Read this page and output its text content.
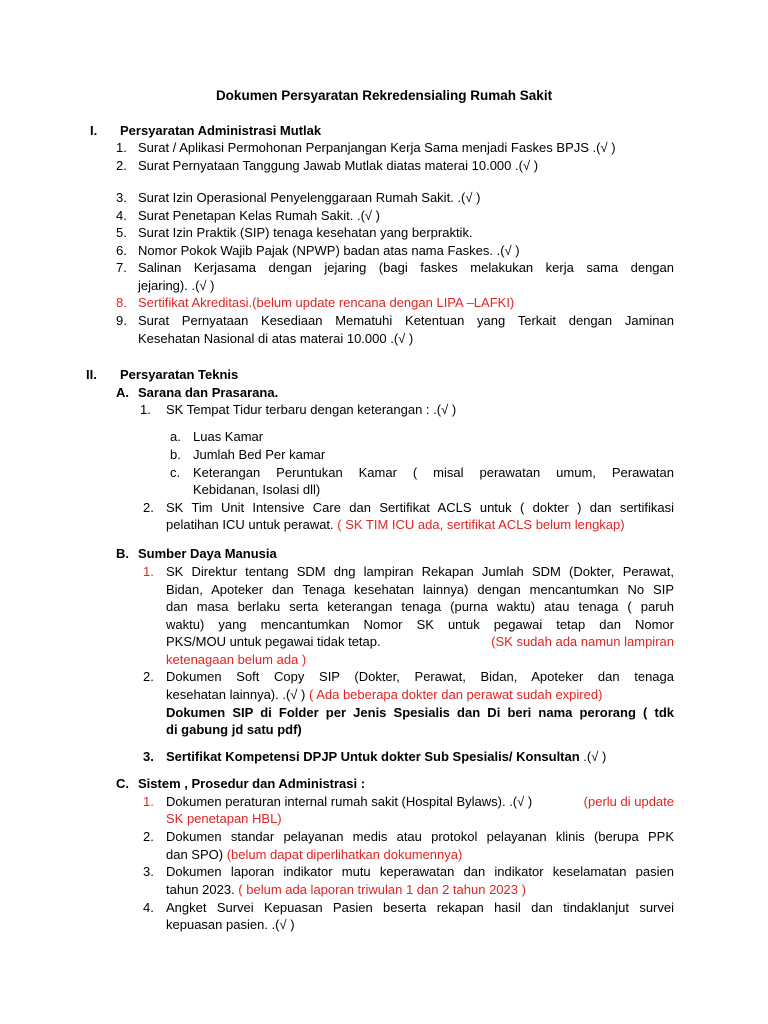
Dokumen Persyaratan Rekredensialing Rumah Sakit
I. Persyaratan Administrasi Mutlak
1. Surat / Aplikasi Permohonan Perpanjangan Kerja Sama menjadi Faskes BPJS .(√ )
2. Surat Pernyataan Tanggung Jawab Mutlak diatas materai 10.000 .(√ )
3. Surat Izin Operasional Penyelenggaraan Rumah Sakit. .(√ )
4. Surat Penetapan Kelas Rumah Sakit. .(√ )
5. Surat Izin Praktik (SIP) tenaga kesehatan yang berpraktik.
6. Nomor Pokok Wajib Pajak (NPWP) badan atas nama Faskes. .(√ )
7. Salinan Kerjasama dengan jejaring (bagi faskes melakukan kerja sama dengan
jejaring). .(√ )
8. Sertifikat Akreditasi.(belum update rencana dengan LIPA –LAFKI)
9. Surat Pernyataan Kesediaan Mematuhi Ketentuan yang Terkait dengan Jaminan
Kesehatan Nasional di atas materai 10.000 .(√ )
II. Persyaratan Teknis
A. Sarana dan Prasarana.
1. SK Tempat Tidur terbaru dengan keterangan : .(√ )
a. Luas Kamar
b. Jumlah Bed Per kamar
c. Keterangan Peruntukan Kamar ( misal perawatan umum, Perawatan
Kebidanan, Isolasi dll)
2. SK Tim Unit Intensive Care dan Sertifikat ACLS untuk ( dokter ) dan sertifikasi
pelatihan ICU untuk perawat. ( SK TIM ICU ada, sertifikat ACLS belum lengkap)
B. Sumber Daya Manusia
1. SK Direktur tentang SDM dng lampiran Rekapan Jumlah SDM (Dokter, Perawat,
Bidan, Apoteker dan Tenaga kesehatan lainnya) dengan mencantumkan No SIP
dan masa berlaku serta keterangan tenaga (purna waktu) atau tenaga ( paruh
waktu) yang mencantumkan Nomor SK untuk pegawai tetap dan Nomor
PKS/MOU untuk pegawai tidak tetap.	(SK sudah ada namun lampiran
ketenagaan belum ada )
2. Dokumen Soft Copy SIP (Dokter, Perawat, Bidan, Apoteker dan tenaga
kesehatan lainnya). .(√ ) ( Ada beberapa dokter dan perawat sudah expired)
Dokumen SIP di Folder per Jenis Spesialis dan Di beri nama perorang ( tdk
di gabung jd satu pdf)
3. Sertifikat Kompetensi DPJP Untuk dokter Sub Spesialis/ Konsultan .(√ )
C. Sistem , Prosedur dan Administrasi :
1. Dokumen peraturan internal rumah sakit (Hospital Bylaws). .(√ )	(perlu di update
SK penetapan HBL)
2. Dokumen standar pelayanan medis atau protokol pelayanan klinis (berupa PPK
dan SPO) (belum dapat diperlihatkan dokumennya)
3. Dokumen laporan indikator mutu keperawatan dan indikator keselamatan pasien
tahun 2023. ( belum ada laporan triwulan 1 dan 2 tahun 2023 )
4. Angket Survei Kepuasan Pasien beserta rekapan hasil dan tindaklanjut survei
kepuasan pasien. .(√ )
